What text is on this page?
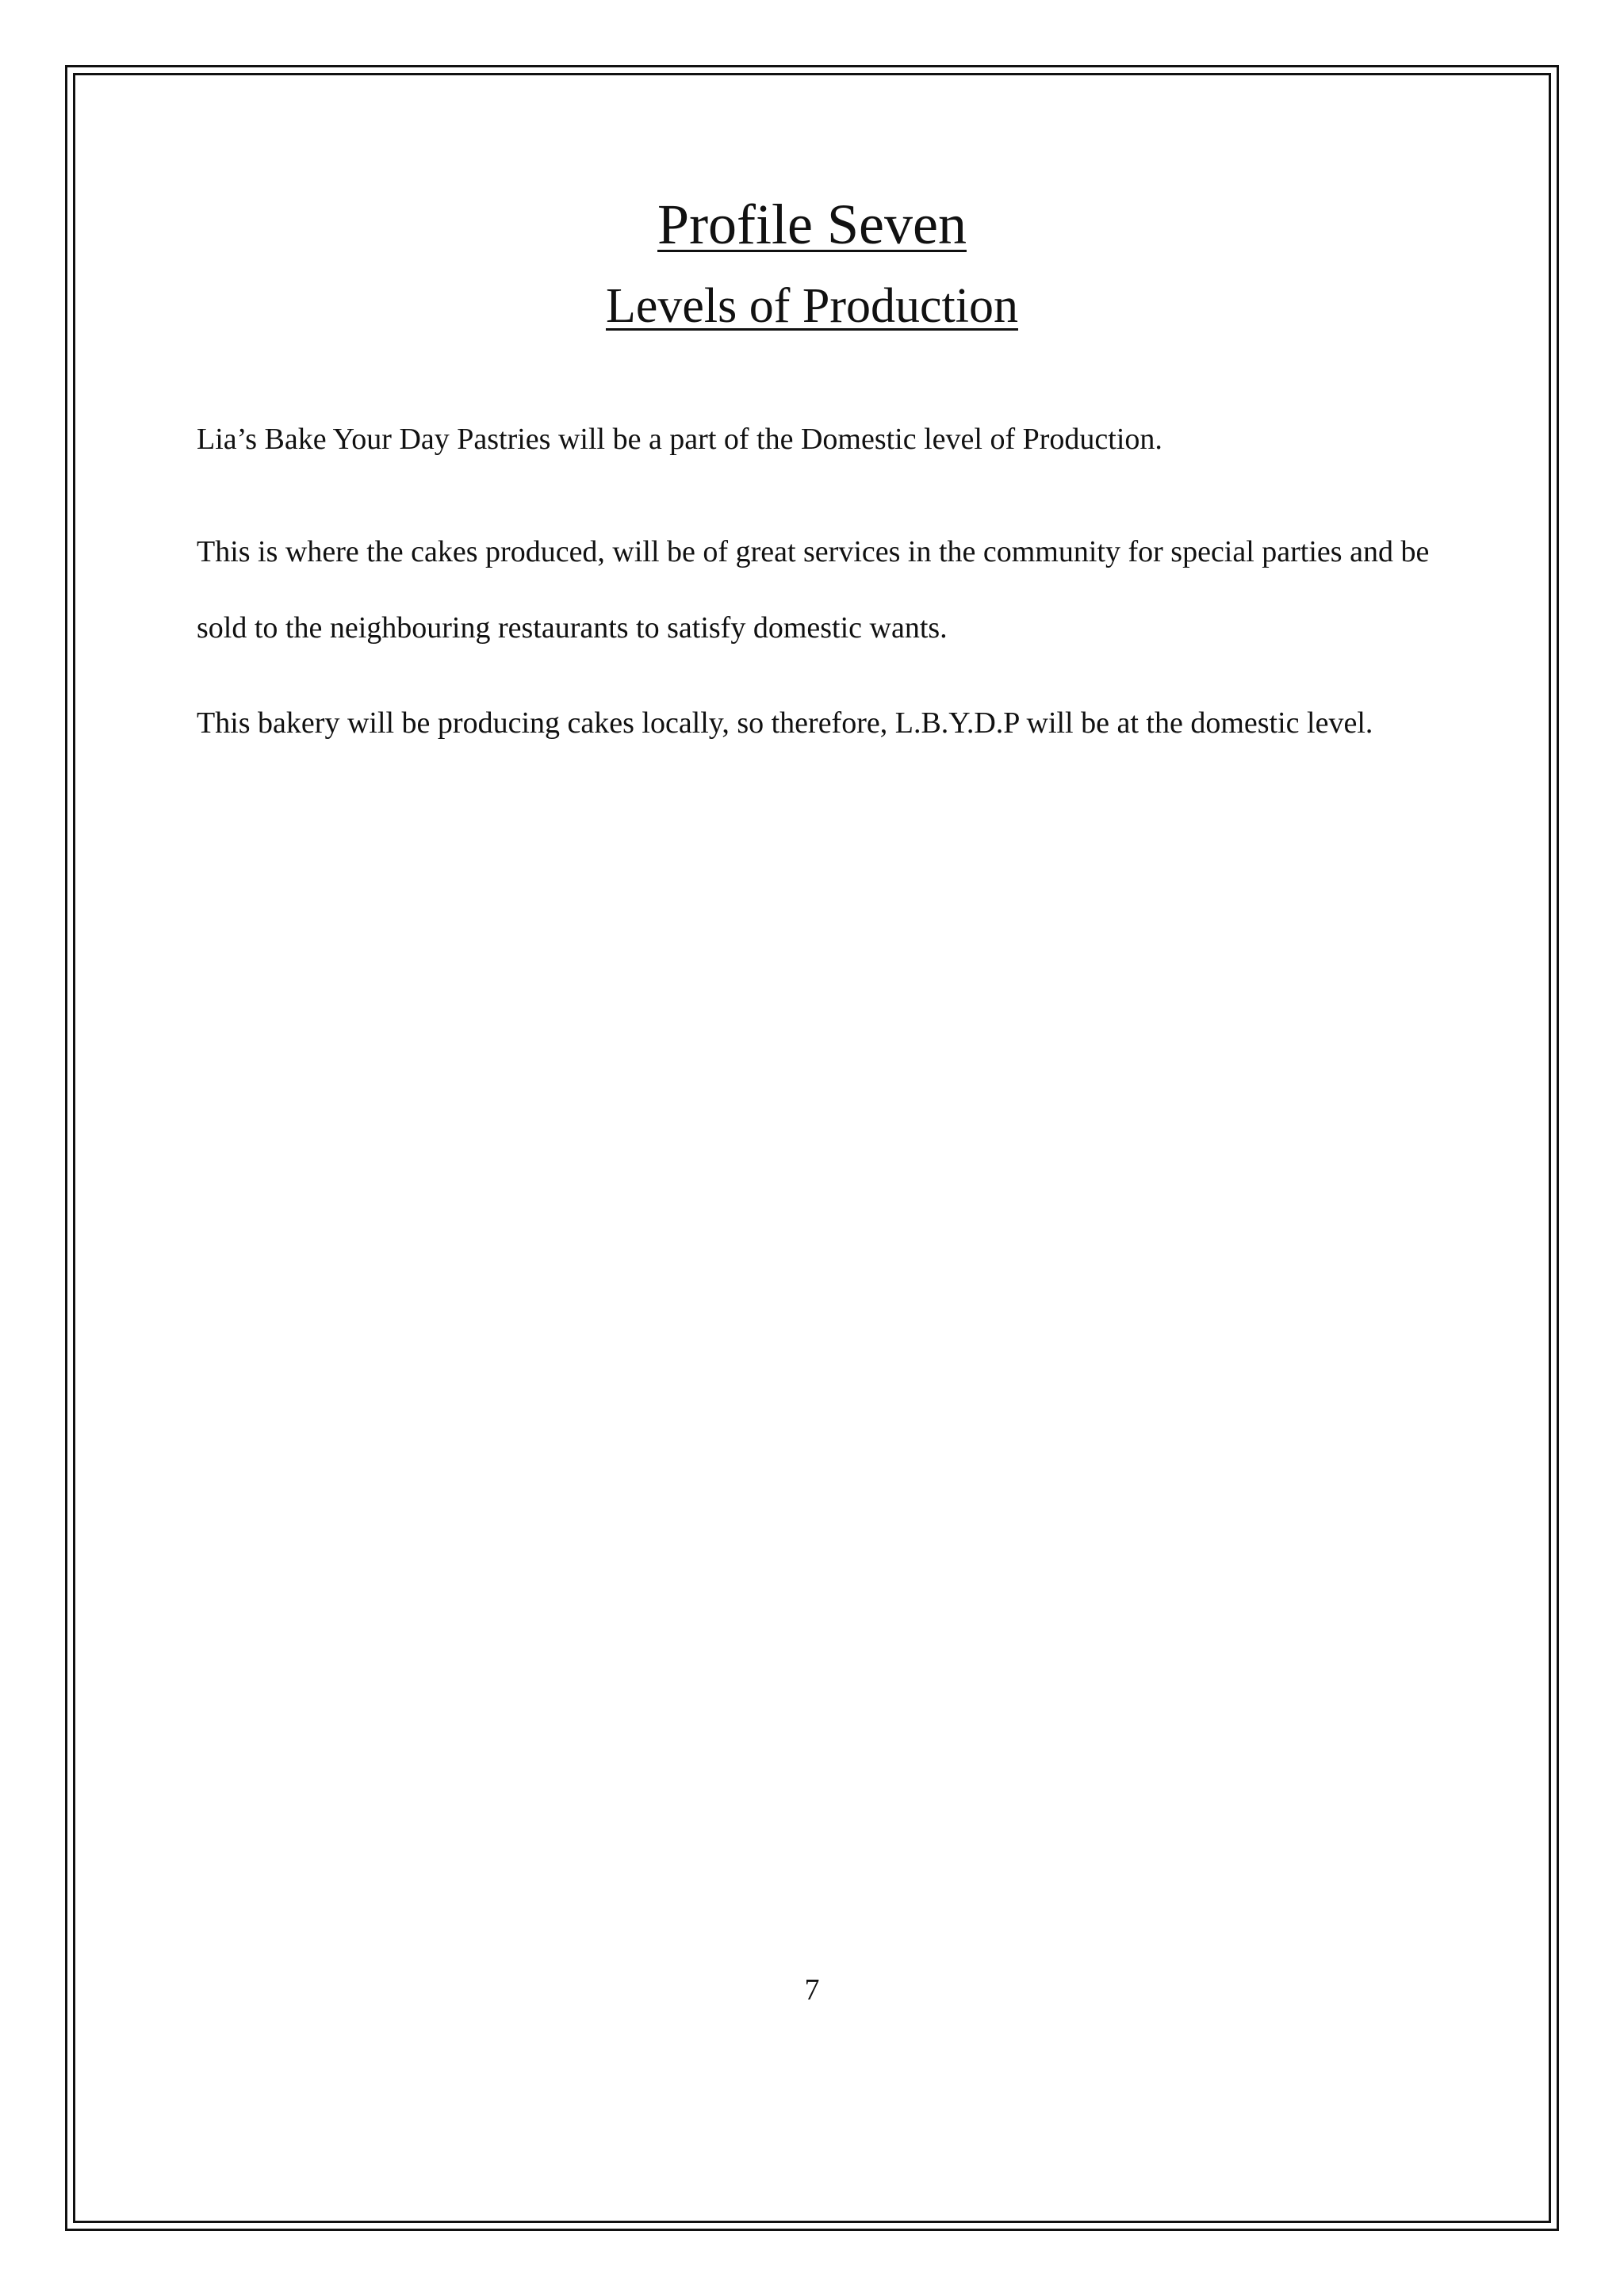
Profile Seven
Levels of Production

Lia’s Bake Your Day Pastries will be a part of the Domestic level of Production.

This is where the cakes produced, will be of great services in the community for special parties and be sold to the neighbouring restaurants to satisfy domestic wants.

This bakery will be producing cakes locally, so therefore, L.B.Y.D.P will be at the domestic level.

7
